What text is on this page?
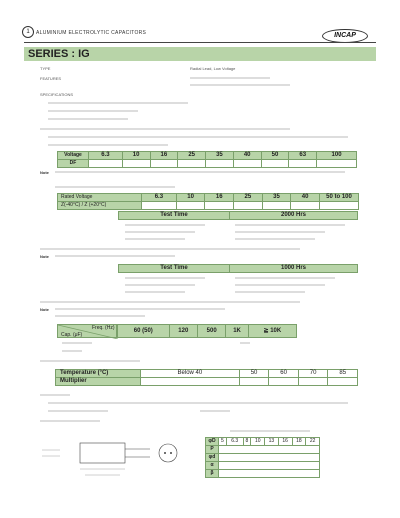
1	ALUMINIUM ELECTROLYTIC CAPACITORS	INCAP
SERIES : IG
TYPE	Radial Lead, Low Voltage
FEATURES
SPECIFICATIONS
Voltage	6.3	10	16	25	35	40	50	63	100
DF									
Note
Rated Voltage	6.3	10	16	25	35	40	50 to 100
Z(-40°C) / Z (+20°C)							
Test Time	2000 Hrs
Note
Test Time	1000 Hrs
Note
Freq. (Hz)
Cap. (μF)
60 (50)	120	500	1K	≧ 10K
Temperature (°C)	Below 40	50	60	70	85
Multiplier					
φD	5	6.3	8	10	13	16	18	22
P								
φd								
α								
β								
